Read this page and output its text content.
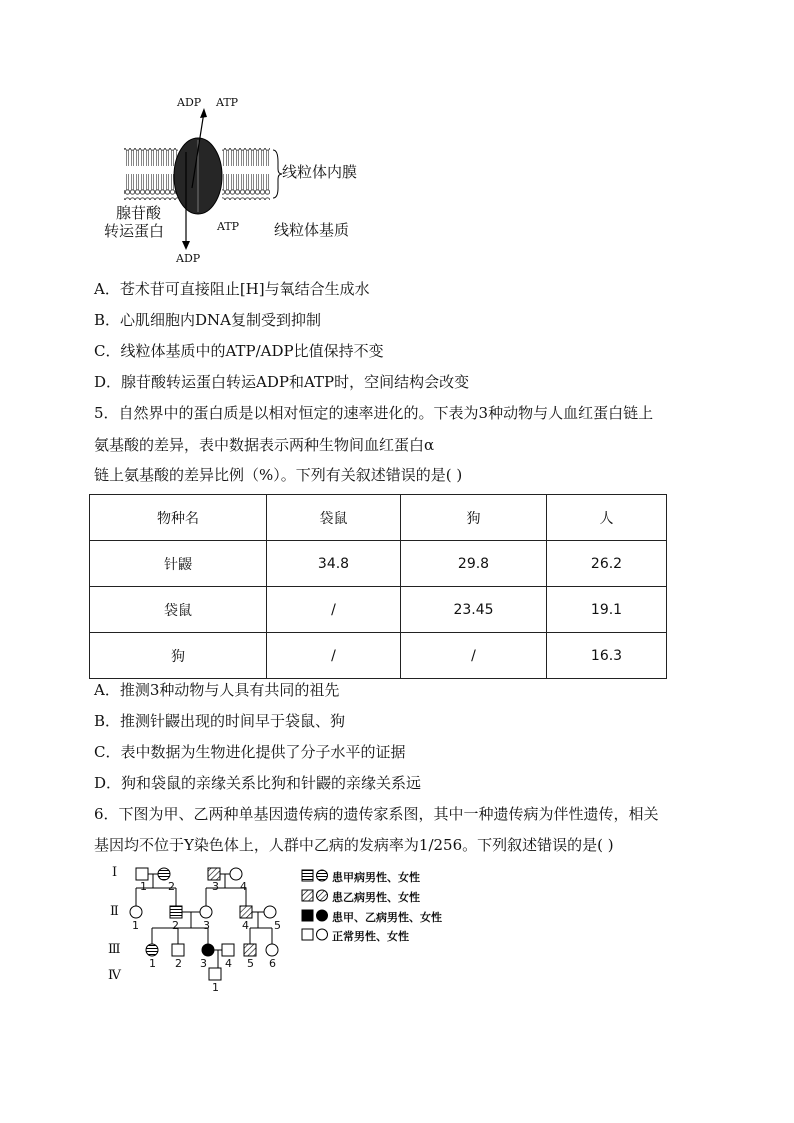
ADP ATP
线粒体内膜
腺苷酸
转运蛋白	ATP 线粒体基质
ADP
A．苍术苷可直接阻止[H]与氧结合生成水
B．心肌细胞内DNA复制受到抑制
C．线粒体基质中的ATP/ADP比值保持不变
D．腺苷酸转运蛋白转运ADP和ATP时，空间结构会改变
5．自然界中的蛋白质是以相对恒定的速率进化的。下表为3种动物与人血红蛋白链上
氨基酸的差异，表中数据表示两种生物间血红蛋白α
链上氨基酸的差异比例（%）。下列有关叙述错误的是( )
物种名	袋鼠	狗	人
针鼹	34.8	29.8	26.2
袋鼠	/	23.45	19.1
狗	/	/	16.3
A．推测3种动物与人具有共同的祖先
B．推测针鼹出现的时间早于袋鼠、狗
C．表中数据为生物进化提供了分子水平的证据
D．狗和袋鼠的亲缘关系比狗和针鼹的亲缘关系远
6．下图为甲、乙两种单基因遗传病的遗传家系图，其中一种遗传病为伴性遗传，相关
基因均不位于Y染色体上，人群中乙病的发病率为1/256。下列叙述错误的是( )
Ⅰ
Ⅱ
Ⅲ
Ⅳ
1 2	3 4
1	2 3	4 5
1 2 3 4 5 6
1
患甲病男性、女性
患乙病男性、女性
患甲、乙病男性、女性
正常男性、女性
